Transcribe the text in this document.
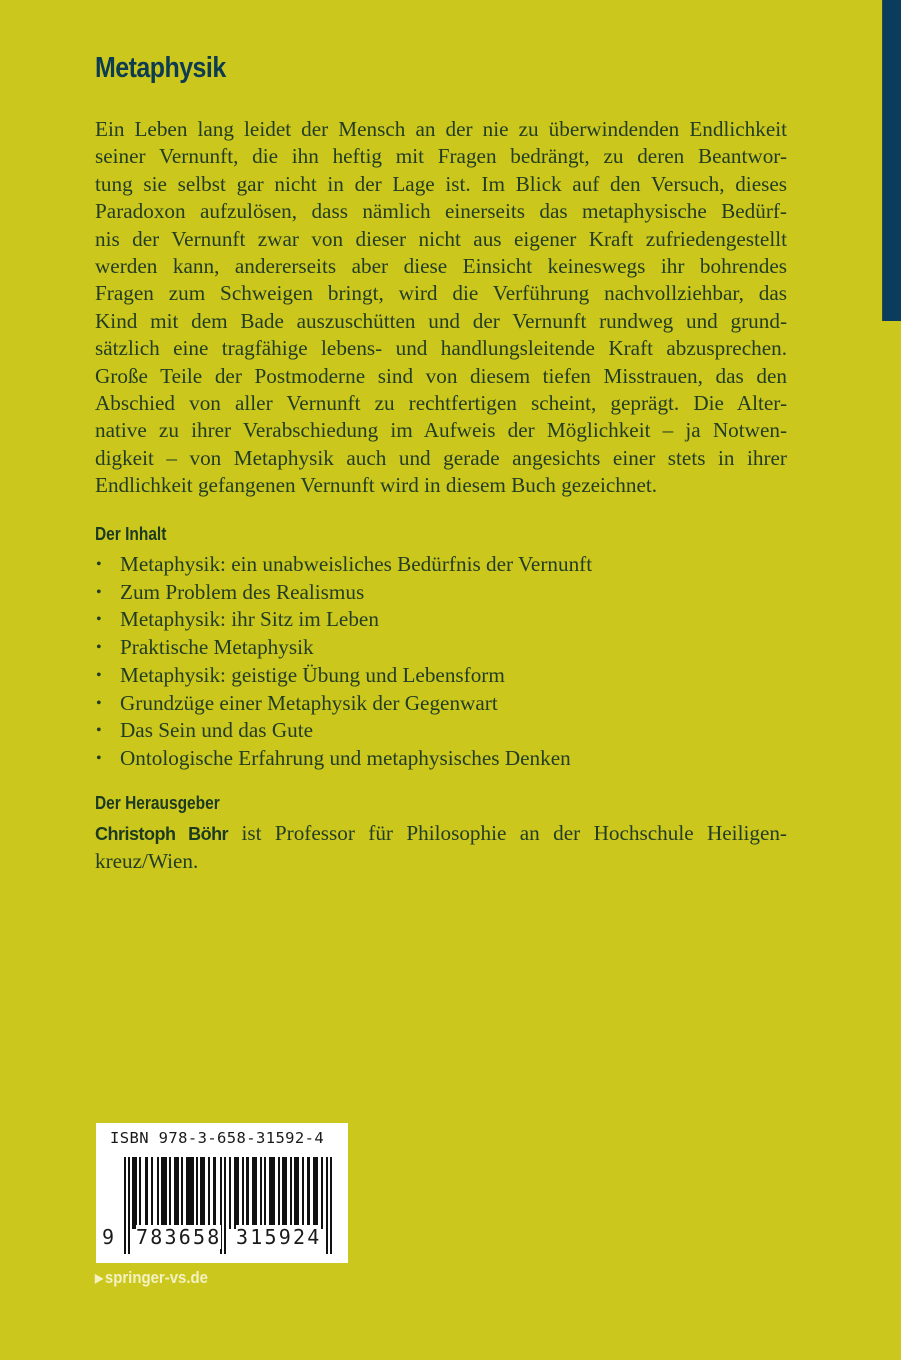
Metaphysik
Ein Leben lang leidet der Mensch an der nie zu überwindenden Endlichkeit
seiner Vernunft, die ihn heftig mit Fragen bedrängt, zu deren Beantwor-
tung sie selbst gar nicht in der Lage ist. Im Blick auf den Versuch, dieses
Paradoxon aufzulösen, dass nämlich einerseits das metaphysische Bedürf-
nis der Vernunft zwar von dieser nicht aus eigener Kraft zufriedengestellt
werden kann, andererseits aber diese Einsicht keineswegs ihr bohrendes
Fragen zum Schweigen bringt, wird die Verführung nachvollziehbar, das
Kind mit dem Bade auszuschütten und der Vernunft rundweg und grund-
sätzlich eine tragfähige lebens- und handlungsleitende Kraft abzusprechen.
Große Teile der Postmoderne sind von diesem tiefen Misstrauen, das den
Abschied von aller Vernunft zu rechtfertigen scheint, geprägt. Die Alter-
native zu ihrer Verabschiedung im Aufweis der Möglichkeit – ja Notwen-
digkeit – von Metaphysik auch und gerade angesichts einer stets in ihrer
Endlichkeit gefangenen Vernunft wird in diesem Buch gezeichnet.
Der Inhalt
• Metaphysik: ein unabweisliches Bedürfnis der Vernunft
• Zum Problem des Realismus
• Metaphysik: ihr Sitz im Leben
• Praktische Metaphysik
• Metaphysik: geistige Übung und Lebensform
• Grundzüge einer Metaphysik der Gegenwart
• Das Sein und das Gute
• Ontologische Erfahrung und metaphysisches Denken
Der Herausgeber
Christoph Böhr ist Professor für Philosophie an der Hochschule Heiligen-
kreuz/Wien.
ISBN 978-3-658-31592-4
9 783658 315924
▶ springer-vs.de
